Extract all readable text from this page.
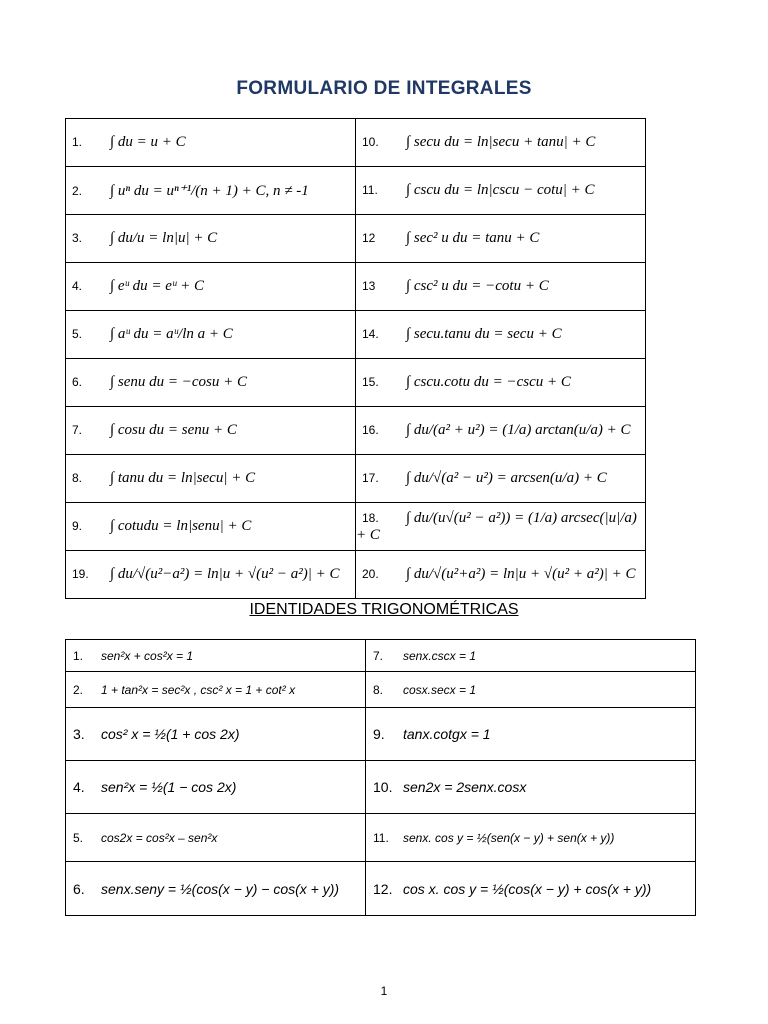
FORMULARIO DE INTEGRALES
1. ∫ du = u + C	10. ∫ secu du = ln|secu + tanu| + C
2. ∫ uⁿ du = uⁿ⁺¹/(n + 1) + C, n ≠ -1	11. ∫ cscu du = ln|cscu − cotu| + C
3. ∫ du/u = ln|u| + C	12 ∫ sec² u du = tanu + C
4. ∫ eᵘ du = eᵘ + C	13 ∫ csc² u du = −cotu + C
5. ∫ aᵘ du = aᵘ/ln a + C	14. ∫ secu.tanu du = secu + C
6. ∫ senu du = −cosu + C	15. ∫ cscu.cotu du = −cscu + C
7. ∫ cosu du = senu + C	16. ∫ du/(a² + u²) = (1/a) arctan(u/a) + C
8. ∫ tanu du = ln|secu| + C	17. ∫ du/√(a² − u²) = arcsen(u/a) + C
9. ∫ cotudu = ln|senu| + C	18. ∫ du/(u√(u² − a²)) = (1/a) arcsec(|u|/a) + C
19. ∫ du/√(u²−a²) = ln|u + √(u² − a²)| + C	20. ∫ du/√(u²+a²) = ln|u + √(u² + a²)| + C
IDENTIDADES TRIGONOMÉTRICAS
1. sen²x + cos²x = 1	7. senx.cscx = 1
2. 1 + tan²x = sec²x , csc² x = 1 + cot² x	8. cosx.secx = 1
3. cos² x = ½(1 + cos 2x)	9. tanx.cotgx = 1
4. sen²x = ½(1 − cos 2x)	10. sen2x = 2senx.cosx
5. cos2x = cos²x – sen²x	11. senx. cos y = ½(sen(x − y) + sen(x + y))
6. senx.seny = ½(cos(x − y) − cos(x + y))	12. cos x. cos y = ½(cos(x − y) + cos(x + y))
1
